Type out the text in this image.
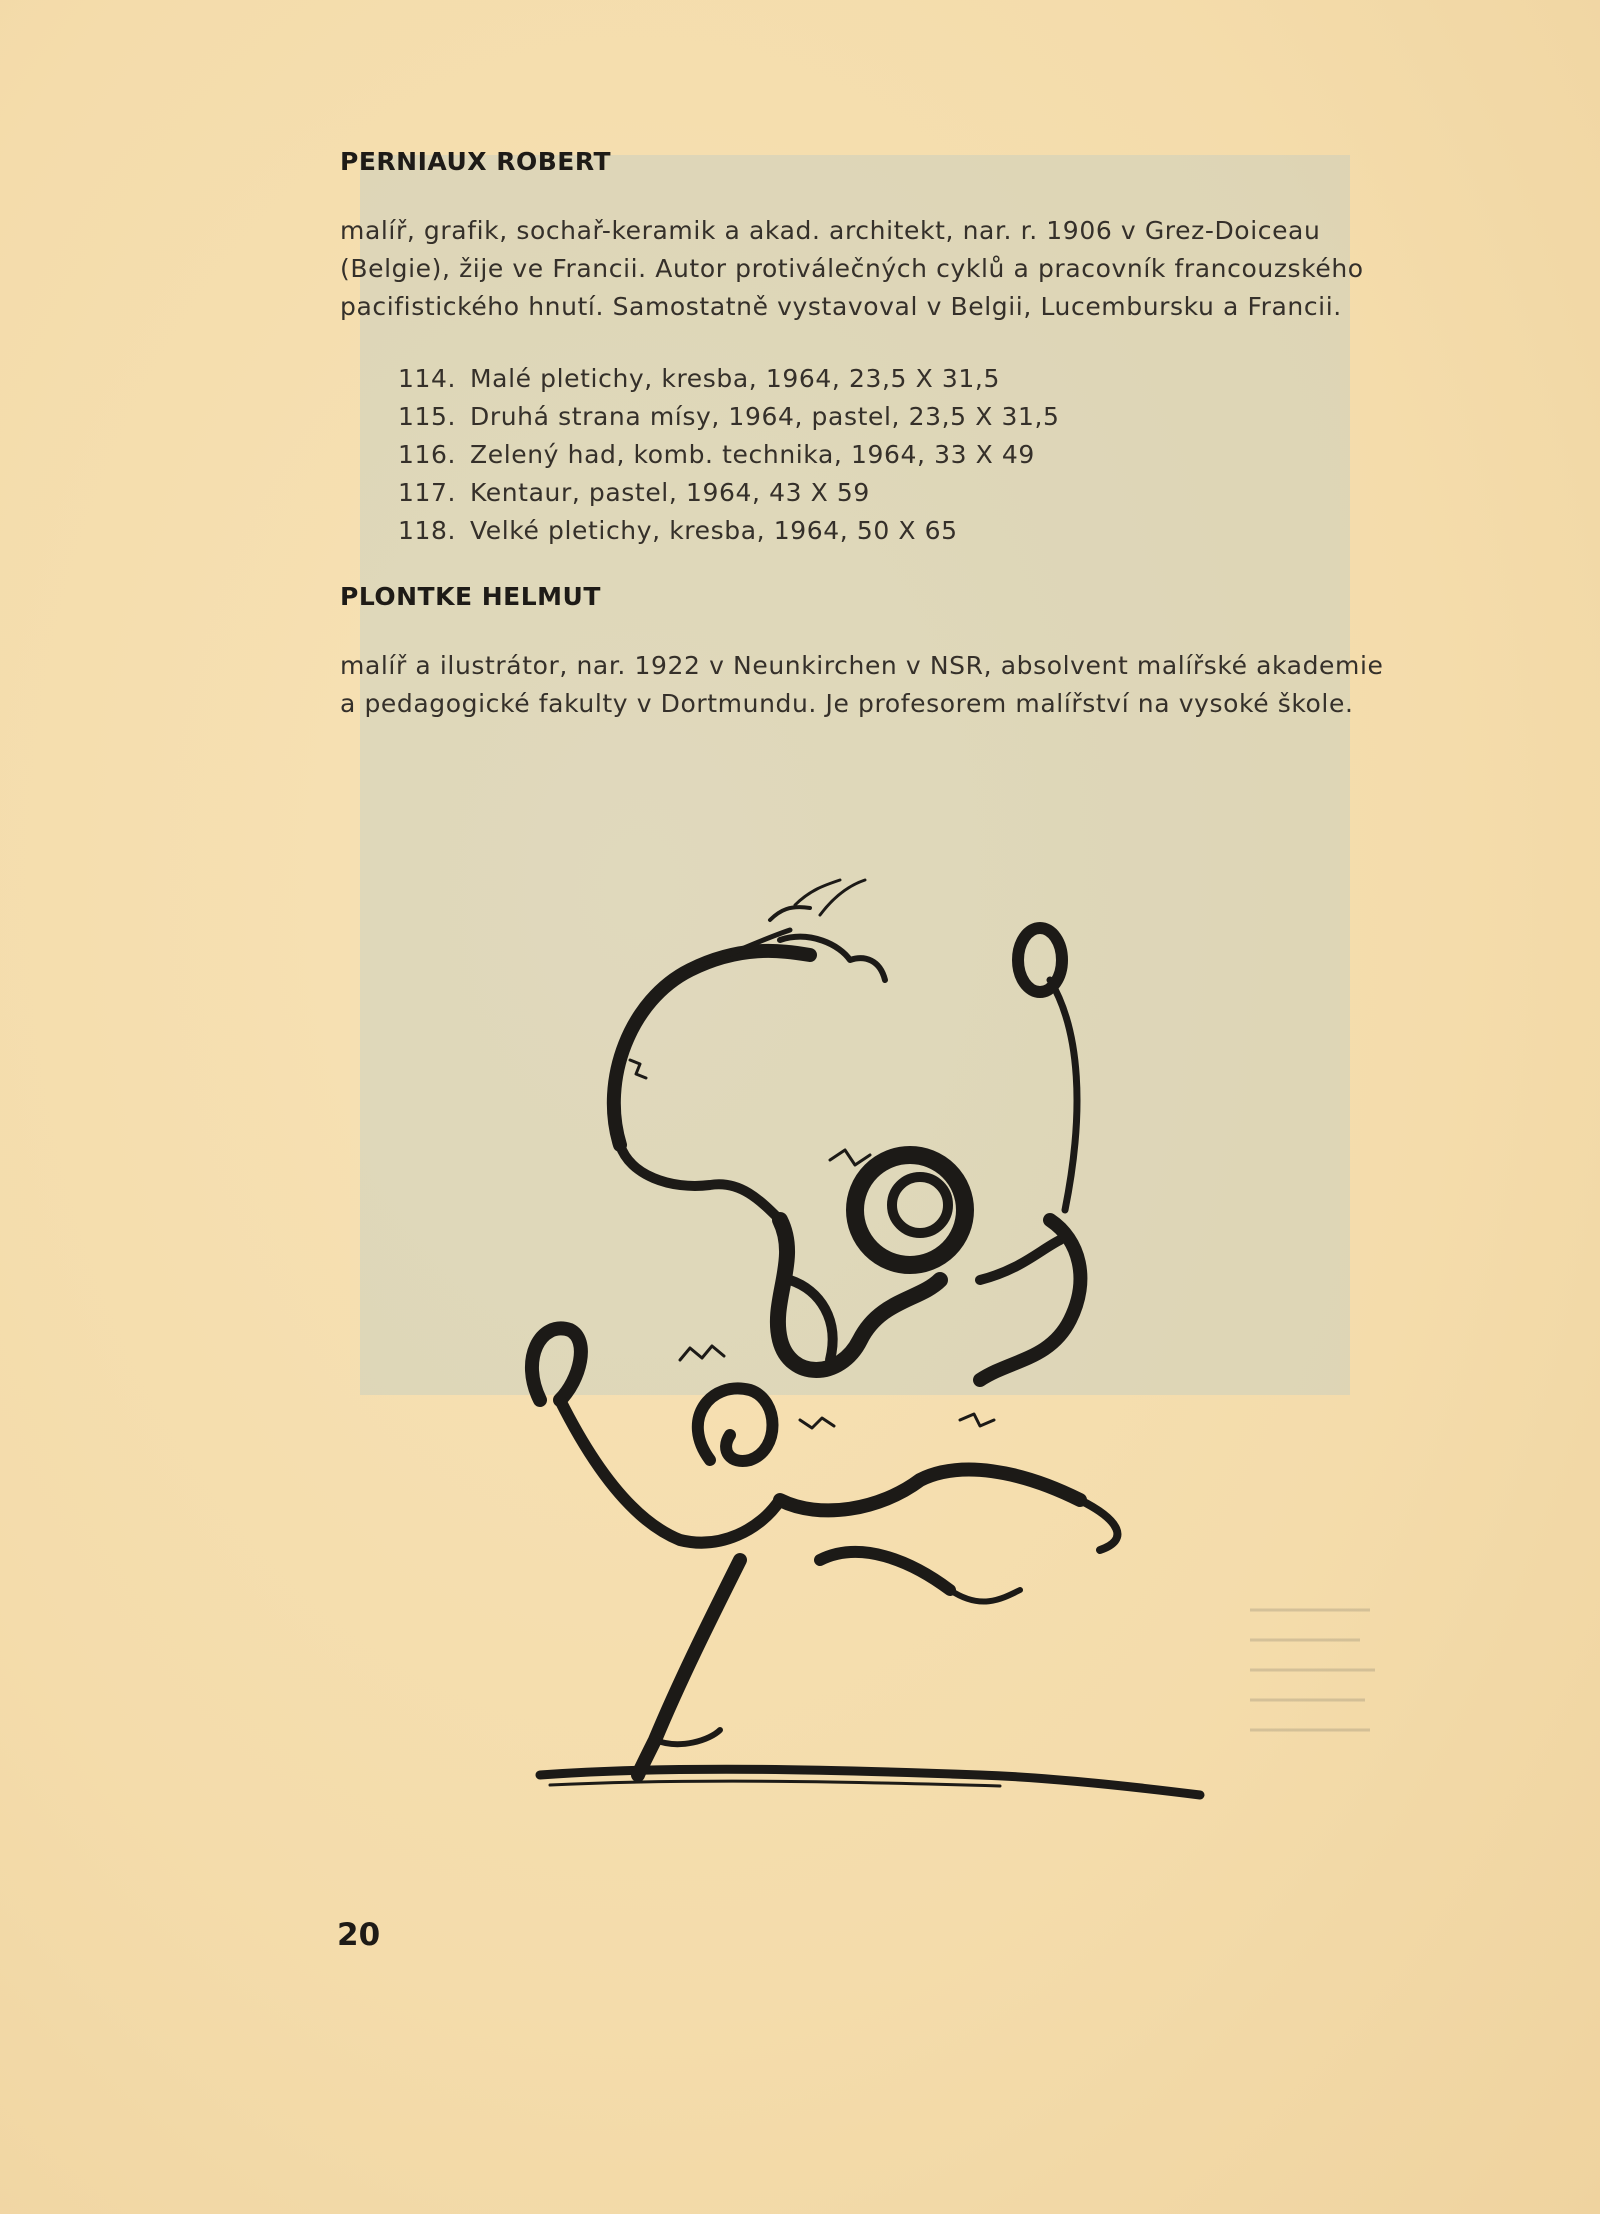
PERNIAUX ROBERT

malíř, grafik, sochař-keramik a akad. architekt, nar. r. 1906 v Grez-Doiceau
(Belgie), žije ve Francii. Autor protiválečných cyklů a pracovník francouzského
pacifistického hnutí. Samostatně vystavoval v Belgii, Lucembursku a Francii.

114. Malé pletichy, kresba, 1964, 23,5 X 31,5
115. Druhá strana mísy, 1964, pastel, 23,5 X 31,5
116. Zelený had, komb. technika, 1964, 33 X 49
117. Kentaur, pastel, 1964, 43 X 59
118. Velké pletichy, kresba, 1964, 50 X 65
PLONTKE HELMUT

malíř a ilustrátor, nar. 1922 v Neunkirchen v NSR, absolvent malířské akademie
a pedagogické fakulty v Dortmundu. Je profesorem malířství na vysoké škole.

20
